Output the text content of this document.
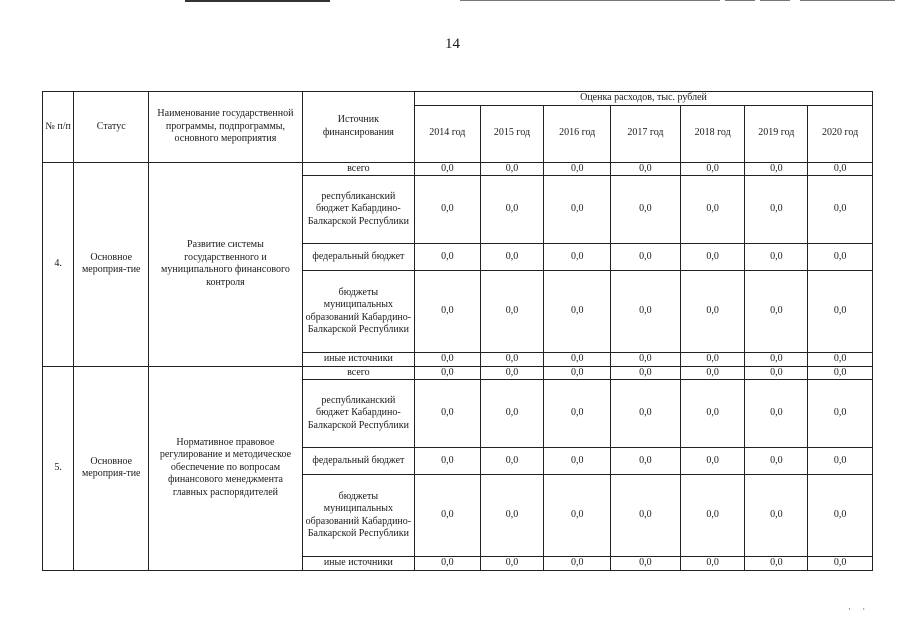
14
№ п/п	Статус	Наименование государственной программы, подпрограммы, основного мероприятия	Источник финансирования	Оценка расходов, тыс. рублей						
				2014 год	2015 год	2016 год	2017 год	2018 год	2019 год	2020 год
4.	Основное мероприя-тие	Развитие системы государственного и муниципального финансового контроля	всего	0,0	0,0	0,0	0,0	0,0	0,0	0,0
			республиканский бюджет Кабардино-Балкарской Республики	0,0	0,0	0,0	0,0	0,0	0,0	0,0
			федеральный бюджет	0,0	0,0	0,0	0,0	0,0	0,0	0,0
			бюджеты муниципальных образований Кабардино-Балкарской Республики	0,0	0,0	0,0	0,0	0,0	0,0	0,0
			иные источники	0,0	0,0	0,0	0,0	0,0	0,0	0,0
5.	Основное мероприя-тие	Нормативное правовое регулирование и методическое обеспечение по вопросам финансового менеджмента главных распорядителей	всего	0,0	0,0	0,0	0,0	0,0	0,0	0,0
			республиканский бюджет Кабардино-Балкарской Республики	0,0	0,0	0,0	0,0	0,0	0,0	0,0
			федеральный бюджет	0,0	0,0	0,0	0,0	0,0	0,0	0,0
			бюджеты муниципальных образований Кабардино-Балкарской Республики	0,0	0,0	0,0	0,0	0,0	0,0	0,0
			иные источники	0,0	0,0	0,0	0,0	0,0	0,0	0,0
·     ·
